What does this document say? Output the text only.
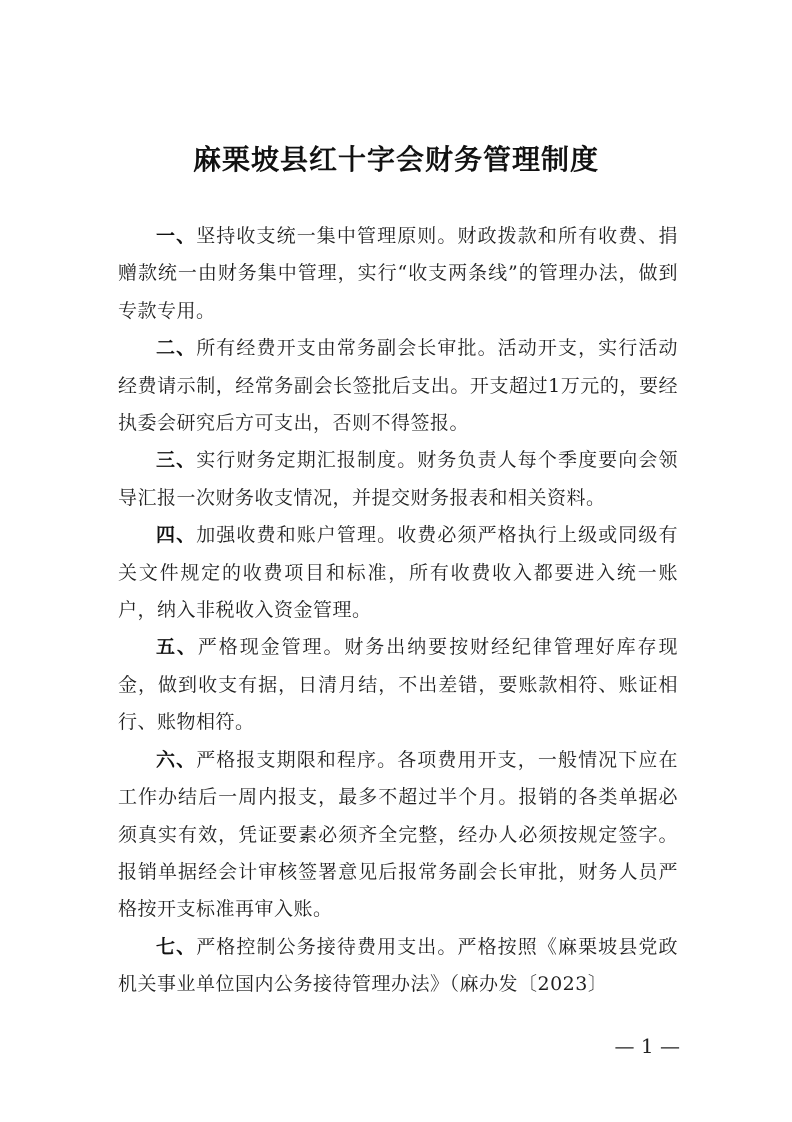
麻栗坡县红十字会财务管理制度

一、坚持收支统一集中管理原则。财政拨款和所有收费、捐赠款统一由财务集中管理，实行“收支两条线”的管理办法，做到专款专用。

二、所有经费开支由常务副会长审批。活动开支，实行活动经费请示制，经常务副会长签批后支出。开支超过1万元的，要经执委会研究后方可支出，否则不得签报。

三、实行财务定期汇报制度。财务负责人每个季度要向会领导汇报一次财务收支情况，并提交财务报表和相关资料。

四、加强收费和账户管理。收费必须严格执行上级或同级有关文件规定的收费项目和标准，所有收费收入都要进入统一账户，纳入非税收入资金管理。

五、严格现金管理。财务出纳要按财经纪律管理好库存现金，做到收支有据，日清月结，不出差错，要账款相符、账证相行、账物相符。

六、严格报支期限和程序。各项费用开支，一般情况下应在工作办结后一周内报支，最多不超过半个月。报销的各类单据必须真实有效，凭证要素必须齐全完整，经办人必须按规定签字。报销单据经会计审核签署意见后报常务副会长审批，财务人员严格按开支标准再审入账。

七、严格控制公务接待费用支出。严格按照《麻栗坡县党政机关事业单位国内公务接待管理办法》（麻办发〔2023〕

— 1 —
